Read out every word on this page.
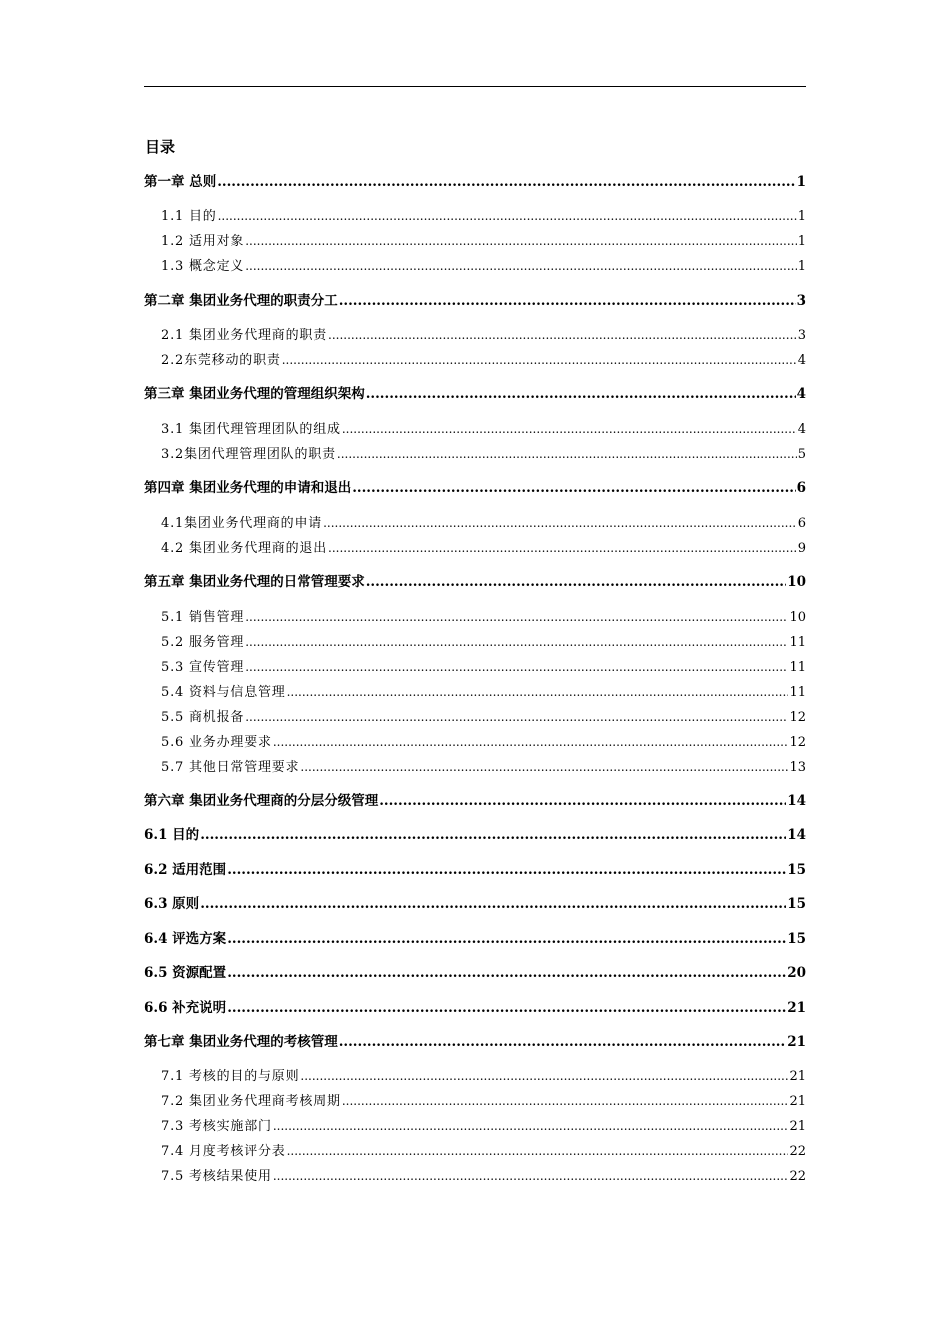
目录
第一章 总则 .....	1
1.1 目的 .....	1
1.2 适用对象 .....	1
1.3 概念定义 .....	1
第二章 集团业务代理的职责分工 .....	3
2.1 集团业务代理商的职责 .....	3
2.2东莞移动的职责 .....	4
第三章 集团业务代理的管理组织架构 .....	4
3.1 集团代理管理团队的组成 .....	4
3.2集团代理管理团队的职责 .....	5
第四章 集团业务代理的申请和退出 .....	6
4.1集团业务代理商的申请 .....	6
4.2 集团业务代理商的退出 .....	9
第五章 集团业务代理的日常管理要求 .....	10
5.1 销售管理 .....	10
5.2 服务管理 .....	11
5.3 宣传管理 .....	11
5.4 资料与信息管理 .....	11
5.5 商机报备 .....	12
5.6 业务办理要求 .....	12
5.7 其他日常管理要求 .....	13
第六章 集团业务代理商的分层分级管理 .....	14
6.1 目的 .....	14
6.2 适用范围 .....	15
6.3 原则 .....	15
6.4 评选方案 .....	15
6.5 资源配置 .....	20
6.6 补充说明 .....	21
第七章 集团业务代理的考核管理 .....	21
7.1 考核的目的与原则 .....	21
7.2 集团业务代理商考核周期 .....	21
7.3 考核实施部门 .....	21
7.4 月度考核评分表 .....	22
7.5 考核结果使用 .....	22
